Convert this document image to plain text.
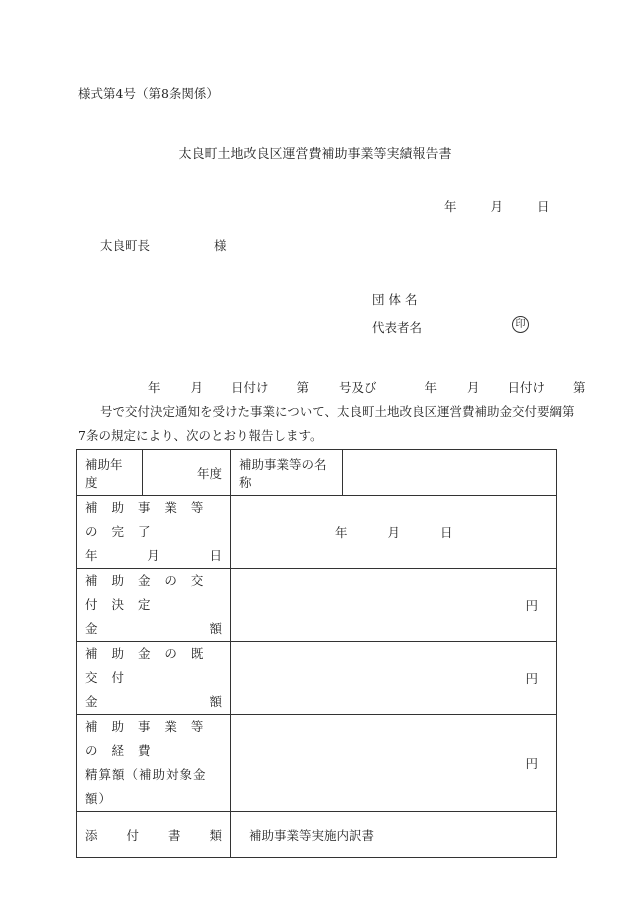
様式第4号（第8条関係）
太良町土地改良区運営費補助事業等実績報告書
年	月	日
太良町長	様
団 体 名
代表者名	印
年 月 日付け 第 号及び	年 月 日付け 第
号で交付決定通知を受けた事業について、太良町土地改良区運営費補助金交付要綱第
7条の規定により、次のとおり報告します。
補助年度	年度	補助事業等の名称	

補 助 事 業 等 の 完 了
年 月 日		年 月 日	

補 助 金 の 交 付 決 定
金 額		円	

補 助 金 の 既 交 付
金 額		円	

補 助 事 業 等 の 経 費
精算額（補助対象金額）		円	

添 付 書 類		補助事業等実施内訳書	
